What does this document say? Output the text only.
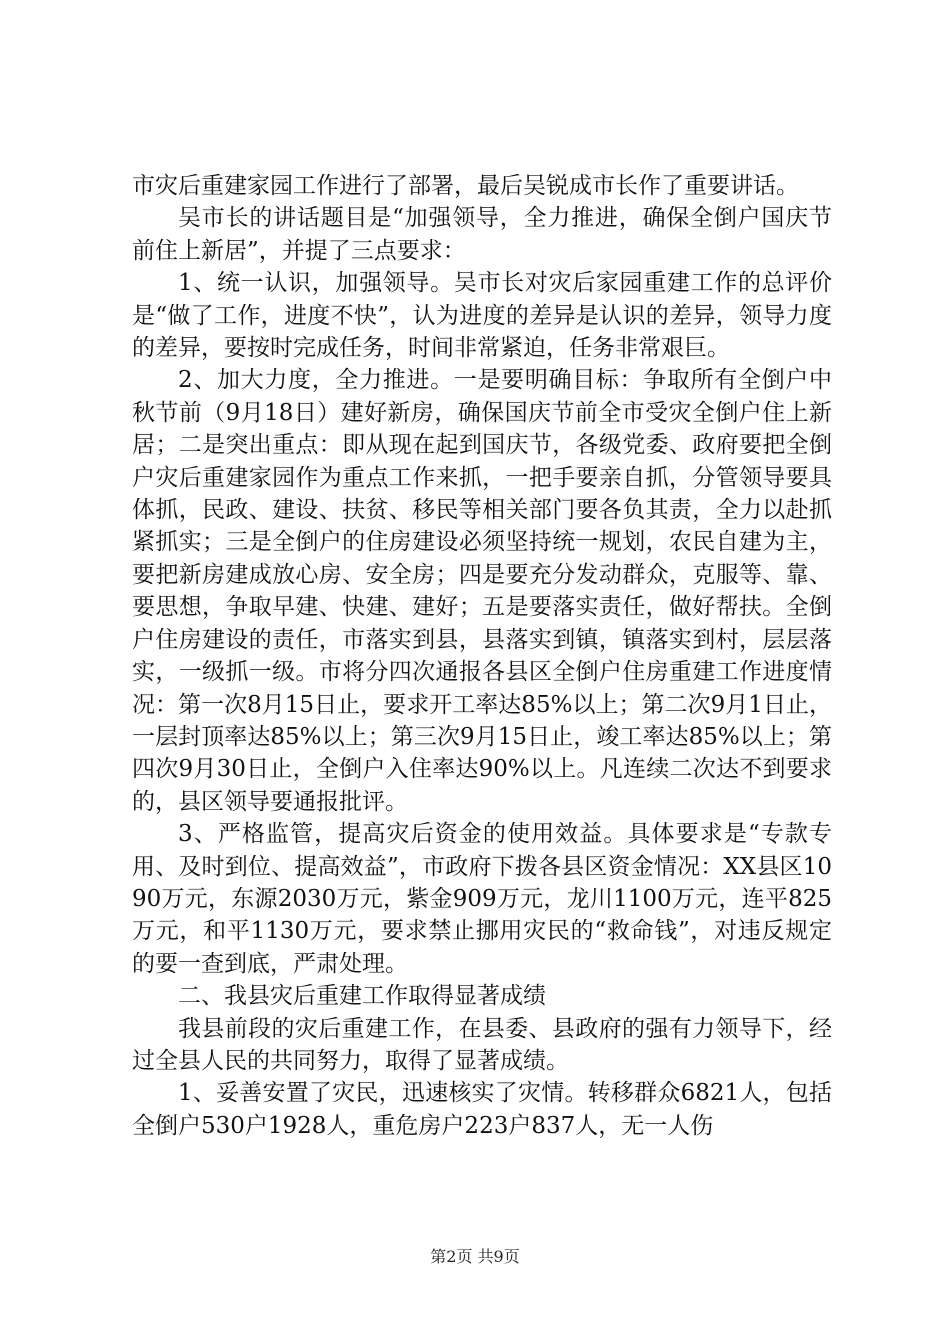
市灾后重建家园工作进行了部署，最后吴锐成市长作了重要讲话。

吴市长的讲话题目是“加强领导，全力推进，确保全倒户国庆节前住上新居”，并提了三点要求：

1、统一认识，加强领导。吴市长对灾后家园重建工作的总评价是“做了工作，进度不快”，认为进度的差异是认识的差异，领导力度的差异，要按时完成任务，时间非常紧迫，任务非常艰巨。

2、加大力度，全力推进。一是要明确目标：争取所有全倒户中秋节前（9月18日）建好新房，确保国庆节前全市受灾全倒户住上新居；二是突出重点：即从现在起到国庆节，各级党委、政府要把全倒户灾后重建家园作为重点工作来抓，一把手要亲自抓，分管领导要具体抓，民政、建设、扶贫、移民等相关部门要各负其责，全力以赴抓紧抓实；三是全倒户的住房建设必须坚持统一规划，农民自建为主，要把新房建成放心房、安全房；四是要充分发动群众，克服等、靠、要思想，争取早建、快建、建好；五是要落实责任，做好帮扶。全倒户住房建设的责任，市落实到县，县落实到镇，镇落实到村，层层落实，一级抓一级。市将分四次通报各县区全倒户住房重建工作进度情况：第一次8月15日止，要求开工率达85%以上；第二次9月1日止，一层封顶率达85%以上；第三次9月15日止，竣工率达85%以上；第四次9月30日止，全倒户入住率达90%以上。凡连续二次达不到要求的，县区领导要通报批评。

3、严格监管，提高灾后资金的使用效益。具体要求是“专款专用、及时到位、提高效益”，市政府下拨各县区资金情况：XX县区1090万元，东源2030万元，紫金909万元，龙川1100万元，连平825万元，和平1130万元，要求禁止挪用灾民的“救命钱”，对违反规定的要一查到底，严肃处理。

二、我县灾后重建工作取得显著成绩

我县前段的灾后重建工作，在县委、县政府的强有力领导下，经过全县人民的共同努力，取得了显著成绩。

1、妥善安置了灾民，迅速核实了灾情。转移群众6821人，包括全倒户530户1928人，重危房户223户837人，无一人伤

第2页 共9页
